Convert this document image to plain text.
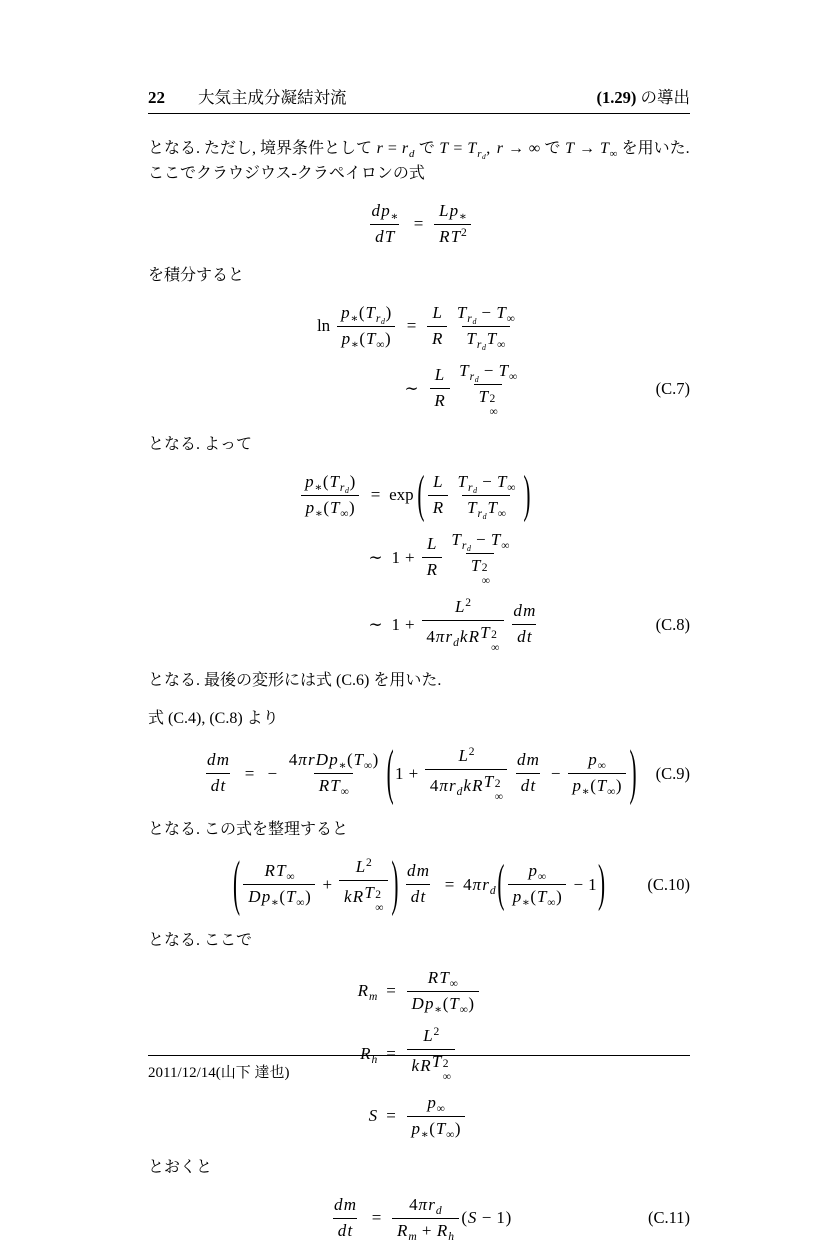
22 大気主成分凝結対流	(1.29) の導出
となる. ただし, 境界条件として r = r d で T = T r d , r → ∞ で T → T ∞ を用いた.
ここでクラウジウス-クラペイロンの式
$\frac{\text{d p ∗}}{\text{d T}} = \frac{\text{L p ∗}}{\text{R T 2}}$
を積分すると
$\ln \frac{\text{p ∗ ( T r d )}}{p ∗ ( T \infty )} = \frac{L}{R} \frac{\text{T r d − T ∞}}{\text{T r d T ∞}}$
∼ $\frac{L}{R}$ T r d − T ∞
T 2
∞	(C.7)
となる. よって
$\frac{\text{p ∗ ( T r d )}}{p ∗ ( T \infty )} = \exp$ ( $\frac{L}{R} \frac{\text{T r d − T ∞}}{\text{T r d T ∞}}$ )
∼ $1 + \frac{L}{R}$ T r d − T ∞
T 2
∞
∼ 1 + L 2
4 π r d k R T 2
∞ $\frac{\text{d m}}{\text{d t}}$	(C.8)
となる. 最後の変形には式 (C.6) を用いた.
式 (C.4), (C.8) より
$\frac{\text{d m}}{\text{d t}}$ = − $\frac{\text{4 π r D p ∗ ( T ∞ )}}{\text{R T ∞}}$ ( 1 + L 2
4 π r d k R T 2
∞ $\frac{\text{d m}}{\text{d t}} - \frac{p \infty}{p ∗ ( T \infty )}$ ) (C.9)
となる. この式を整理すると
( $\frac{\text{R T ∞}}{\text{D p ∗ ( T ∞ )}} + L$ 2
k R T 2
∞ ) $\frac{\text{d m}}{\text{d t}} = 4$ π r d ( $\frac{p \infty}{p ∗ ( T \infty )} - 1$ )	(C.10)
となる. ここで
R $m = \frac{\text{R T ∞}}{\text{D p ∗ ( T ∞ )}}$
R h = L 2
k R T 2
∞
$S = \frac{p \infty}{p ∗ ( T \infty )}$
とおくと
$\frac{\text{d m}}{\text{d t}} = \frac{\text{4 π r d}}{\text{R m + R h}}$ ( S − 1 )	(C.11)
2011/12/14(山下 達也)
